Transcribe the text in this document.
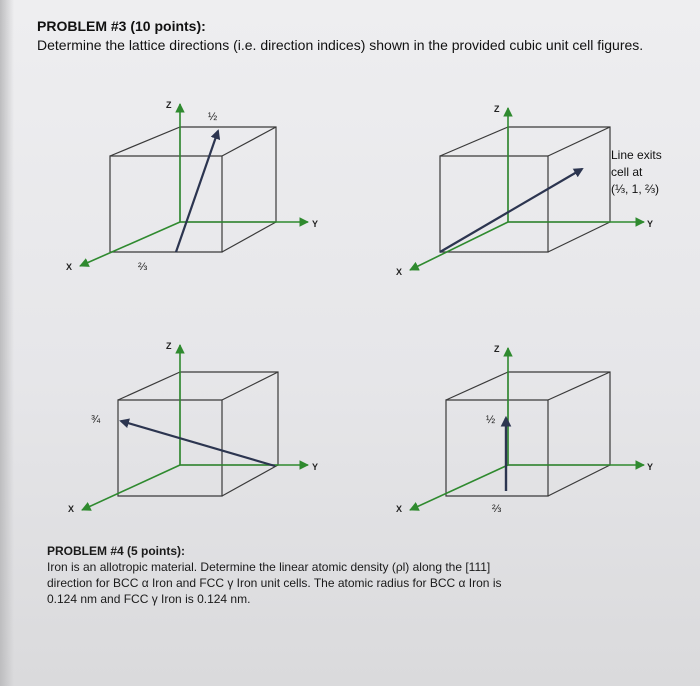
PROBLEM #3 (10 points):

Determine the lattice directions (i.e. direction indices) shown in the provided cubic unit cell figures.

Z
Y
X
½
⅔
Z
Y
X
Line exits
cell at
(⅓, 1, ⅔)
Z
Y
X
¾
Z
Y
X
½
⅔

PROBLEM #4 (5 points):

Iron is an allotropic material. Determine the linear atomic density (ρl) along the [111]
direction for BCC α Iron and FCC γ Iron unit cells. The atomic radius for BCC α Iron is
0.124 nm and FCC γ Iron is 0.124 nm.
